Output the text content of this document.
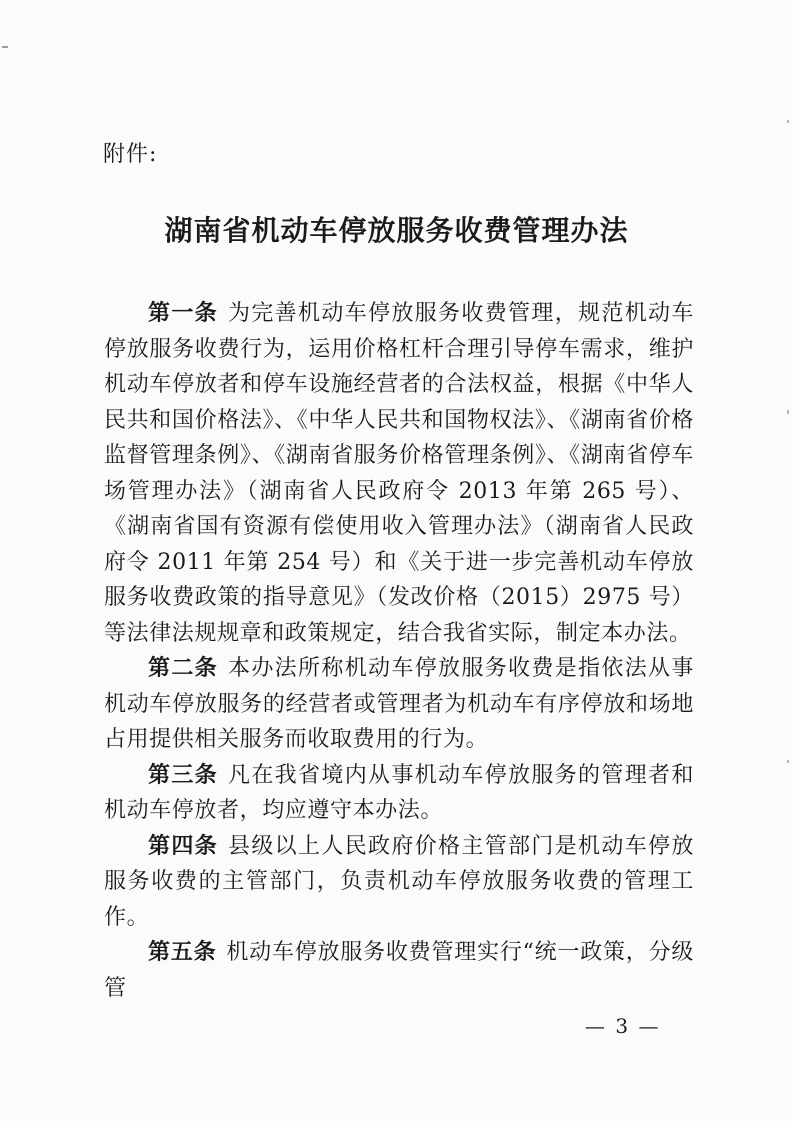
附件:
湖南省机动车停放服务收费管理办法

第一条 为完善机动车停放服务收费管理，规范机动车停放服务收费行为，运用价格杠杆合理引导停车需求，维护机动车停放者和停车设施经营者的合法权益，根据《中华人民共和国价格法》、《中华人民共和国物权法》、《湖南省价格监督管理条例》、《湖南省服务价格管理条例》、《湖南省停车场管理办法》（湖南省人民政府令 2013 年第 265 号）、《湖南省国有资源有偿使用收入管理办法》（湖南省人民政府令 2011 年第 254 号）和《关于进一步完善机动车停放服务收费政策的指导意见》（发改价格（2015）2975 号）等法律法规规章和政策规定，结合我省实际，制定本办法。

第二条 本办法所称机动车停放服务收费是指依法从事机动车停放服务的经营者或管理者为机动车有序停放和场地占用提供相关服务而收取费用的行为。

第三条 凡在我省境内从事机动车停放服务的管理者和机动车停放者，均应遵守本办法。

第四条 县级以上人民政府价格主管部门是机动车停放服务收费的主管部门，负责机动车停放服务收费的管理工作。

第五条 机动车停放服务收费管理实行“统一政策，分级管

— 3 —
